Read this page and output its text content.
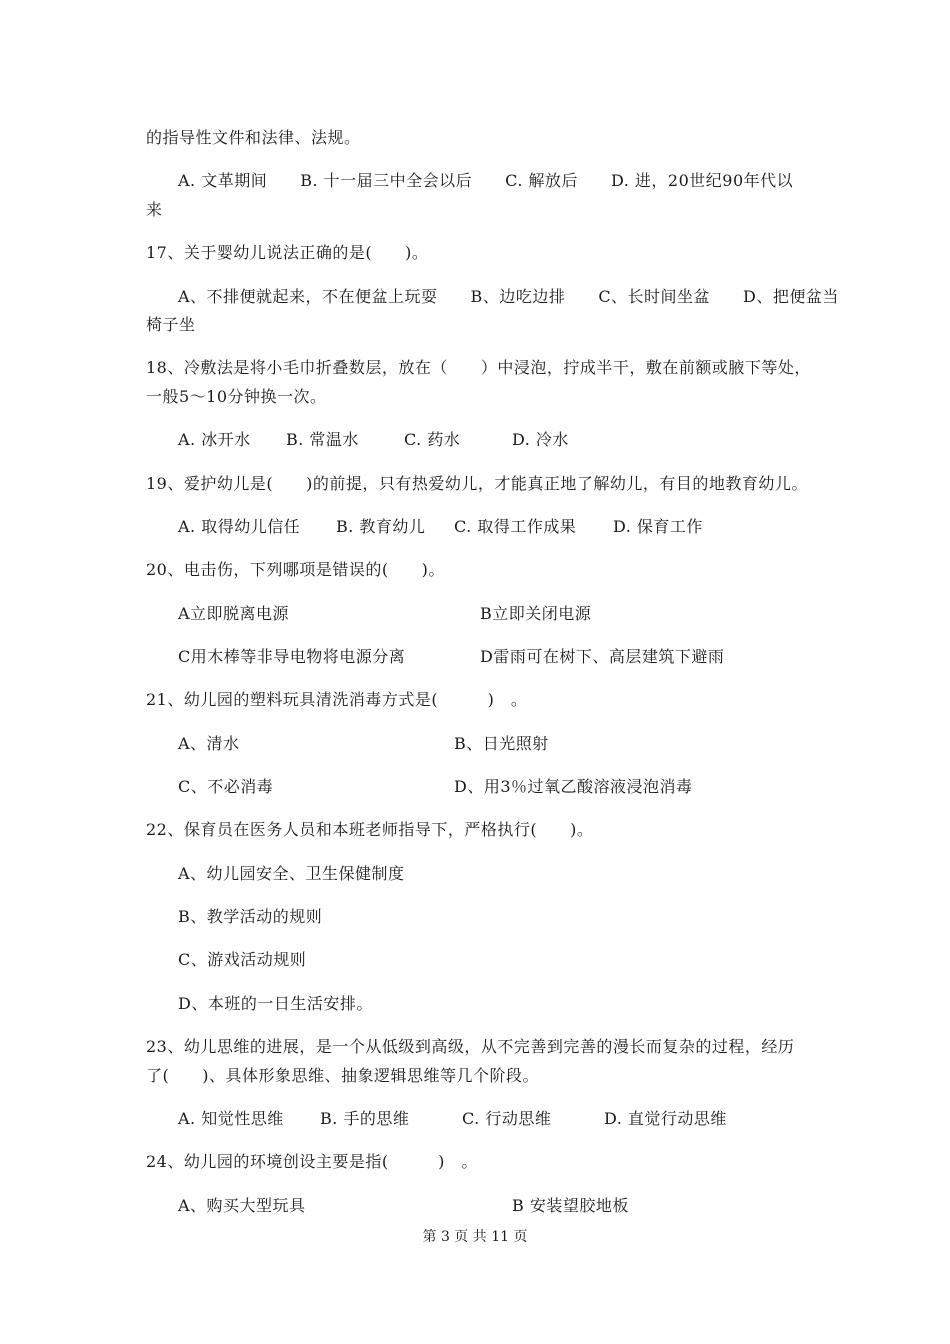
的指导性文件和法律、法规。
A. 文革期间　　B. 十一届三中全会以后　　C. 解放后　　D. 进，20世纪90年代以
来
17、关于婴幼儿说法正确的是(　　)。
A、不排便就起来，不在便盆上玩耍　　B、边吃边排　　C、长时间坐盆　　D、把便盆当
椅子坐
18、冷敷法是将小毛巾折叠数层，放在（　　）中浸泡，拧成半干，敷在前额或腋下等处，
一般5～10分钟换一次。
A. 冰开水 B. 常温水	C. 药水	D. 冷水
19、爱护幼儿是(　　)的前提，只有热爱幼儿，才能真正地了解幼儿，有目的地教育幼儿。
A. 取得幼儿信任 B. 教育幼儿 C. 取得工作成果 D. 保育工作
20、电击伤，下列哪项是错误的(　　)。
A立即脱离电源	B立即关闭电源
C用木棒等非导电物将电源分离	D雷雨可在树下、高层建筑下避雨
21、幼儿园的塑料玩具清洗消毒方式是(　　　)　。
A、清水	B、日光照射
C、不必消毒	D、用3％过氧乙酸溶液浸泡消毒
22、保育员在医务人员和本班老师指导下，严格执行(　　)。
A、幼儿园安全、卫生保健制度
B、教学活动的规则
C、游戏活动规则
D、本班的一日生活安排。
23、幼儿思维的进展，是一个从低级到高级，从不完善到完善的漫长而复杂的过程，经历
了(　　)、具体形象思维、抽象逻辑思维等几个阶段。
A. 知觉性思维 B. 手的思维	C. 行动思维	D. 直觉行动思维
24、幼儿园的环境创设主要是指(　　　)　。
A、购买大型玩具	B 安装望胶地板
第 3 页 共 11 页
